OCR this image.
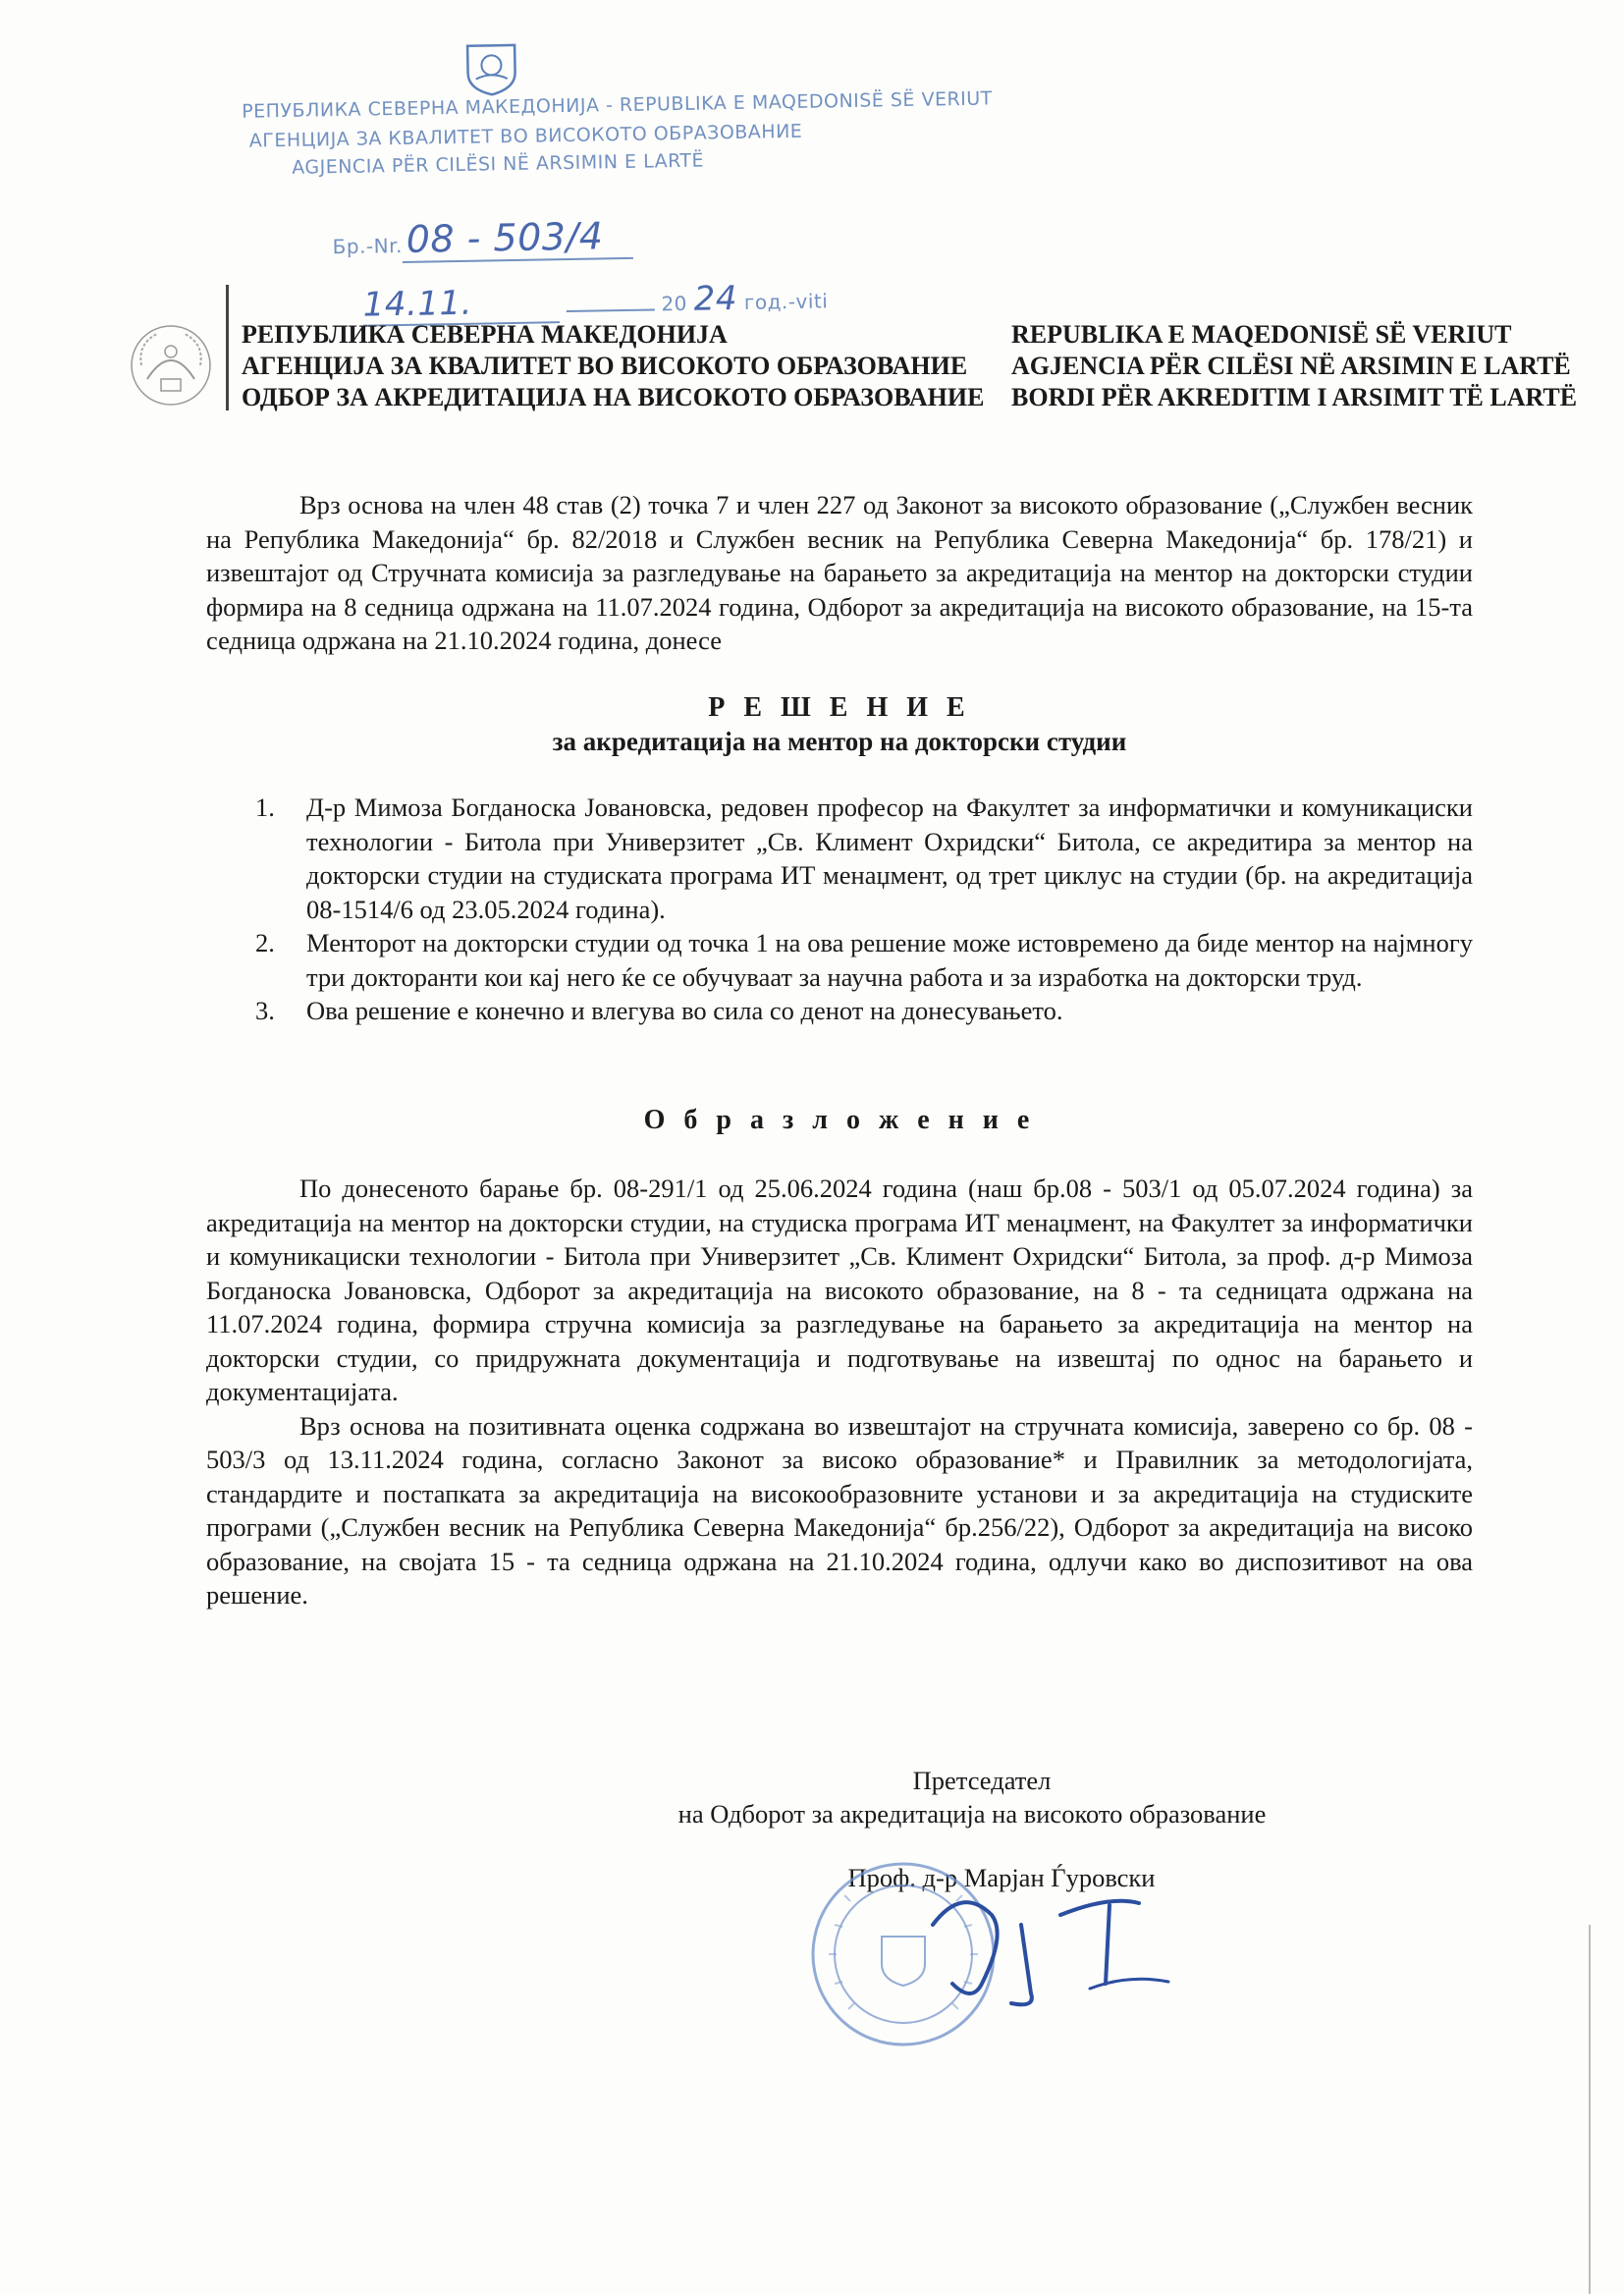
РЕПУБЛИКА СЕВЕРНА МАКЕДОНИЈА - REPUBLIKA E MAQEDONISË SË VERIUT
АГЕНЦИЈА ЗА КВАЛИТЕТ ВО ВИСОКОТО ОБРАЗОВАНИЕ
AGJENCIA PËR CILËSI NË ARSIMIN E LARTË
Бр.-Nr.08 - 503/4
14.11.	20 24 год.-viti
РЕПУБЛИКА СЕВЕРНА МАКЕДОНИЈА
АГЕНЦИЈА ЗА КВАЛИТЕТ ВО ВИСОКОТО ОБРАЗОВАНИЕ
ОДБОР ЗА АКРЕДИТАЦИЈА НА ВИСОКОТО ОБРАЗОВАНИЕ
REPUBLIKA E MAQEDONISË SË VERIUT
AGJENCIA PËR CILËSI NË ARSIMIN E LARTË
BORDI PËR AKREDITIM I ARSIMIT TË LARTË

Врз основа на член 48 став (2) точка 7 и член 227 од Законот за високото образование („Службен весник на Република Македонија“ бр. 82/2018 и Службен весник на Република Северна Македонија“ бр. 178/21) и извештајот од Стручната комисија за разгледување на барањето за акредитација на ментор на докторски студии формира на 8 седница одржана на 11.07.2024 година, Одборот за акредитација на високото образование, на 15-та седница одржана на 21.10.2024 година, донесе

Р Е Ш Е Н И Е
за акредитација на ментор на докторски студии
1.	Д-р Мимоза Богданоска Јовановска, редовен професор на Факултет за информатички и комуникациски технологии - Битола при Универзитет „Св. Климент Охридски“ Битола, се акредитира за ментор на докторски студии на студиската програма ИТ менаџмент, од трет циклус на студии (бр. на акредитација 08-1514/6 од 23.05.2024 година).
2.	Менторот на докторски студии од точка 1 на ова решение може истовремено да биде ментор на најмногу три докторанти кои кај него ќе се обучуваат за научна работа и за изработка на докторски труд.
3.	Ова решение е конечно и влегува во сила со денот на донесувањето.
О б р а з л о ж е н и е

По донесеното барање бр. 08-291/1 од 25.06.2024 година (наш бр.08 - 503/1 од 05.07.2024 година) за акредитација на ментор на докторски студии, на студиска програма ИТ менаџмент, на Факултет за информатички и комуникациски технологии - Битола при Универзитет „Св. Климент Охридски“ Битола, за проф. д-р Мимоза Богданоска Јовановска, Одборот за акредитација на високото образование, на 8 - та седницата одржана на 11.07.2024 година, формира стручна комисија за разгледување на барањето за акредитација на ментор на докторски студии, со придружната документација и подготвување на извештај по однос на барањето и документацијата.

Врз основа на позитивната оценка содржана во извештајот на стручната комисија, заверено со бр. 08 - 503/3 од 13.11.2024 година, согласно Законот за високо образование* и Правилник за методологијата, стандардите и постапката за акредитација на високообразовните установи и за акредитација на студиските програми („Службен весник на Република Северна Македонија“ бр.256/22), Одборот за акредитација на високо образование, на својата 15 - та седница одржана на 21.10.2024 година, одлучи како во диспозитивот на ова решение.

Претседател
на Одборот за акредитација на високото образование
Проф. д-р Марјан Ѓуровски
